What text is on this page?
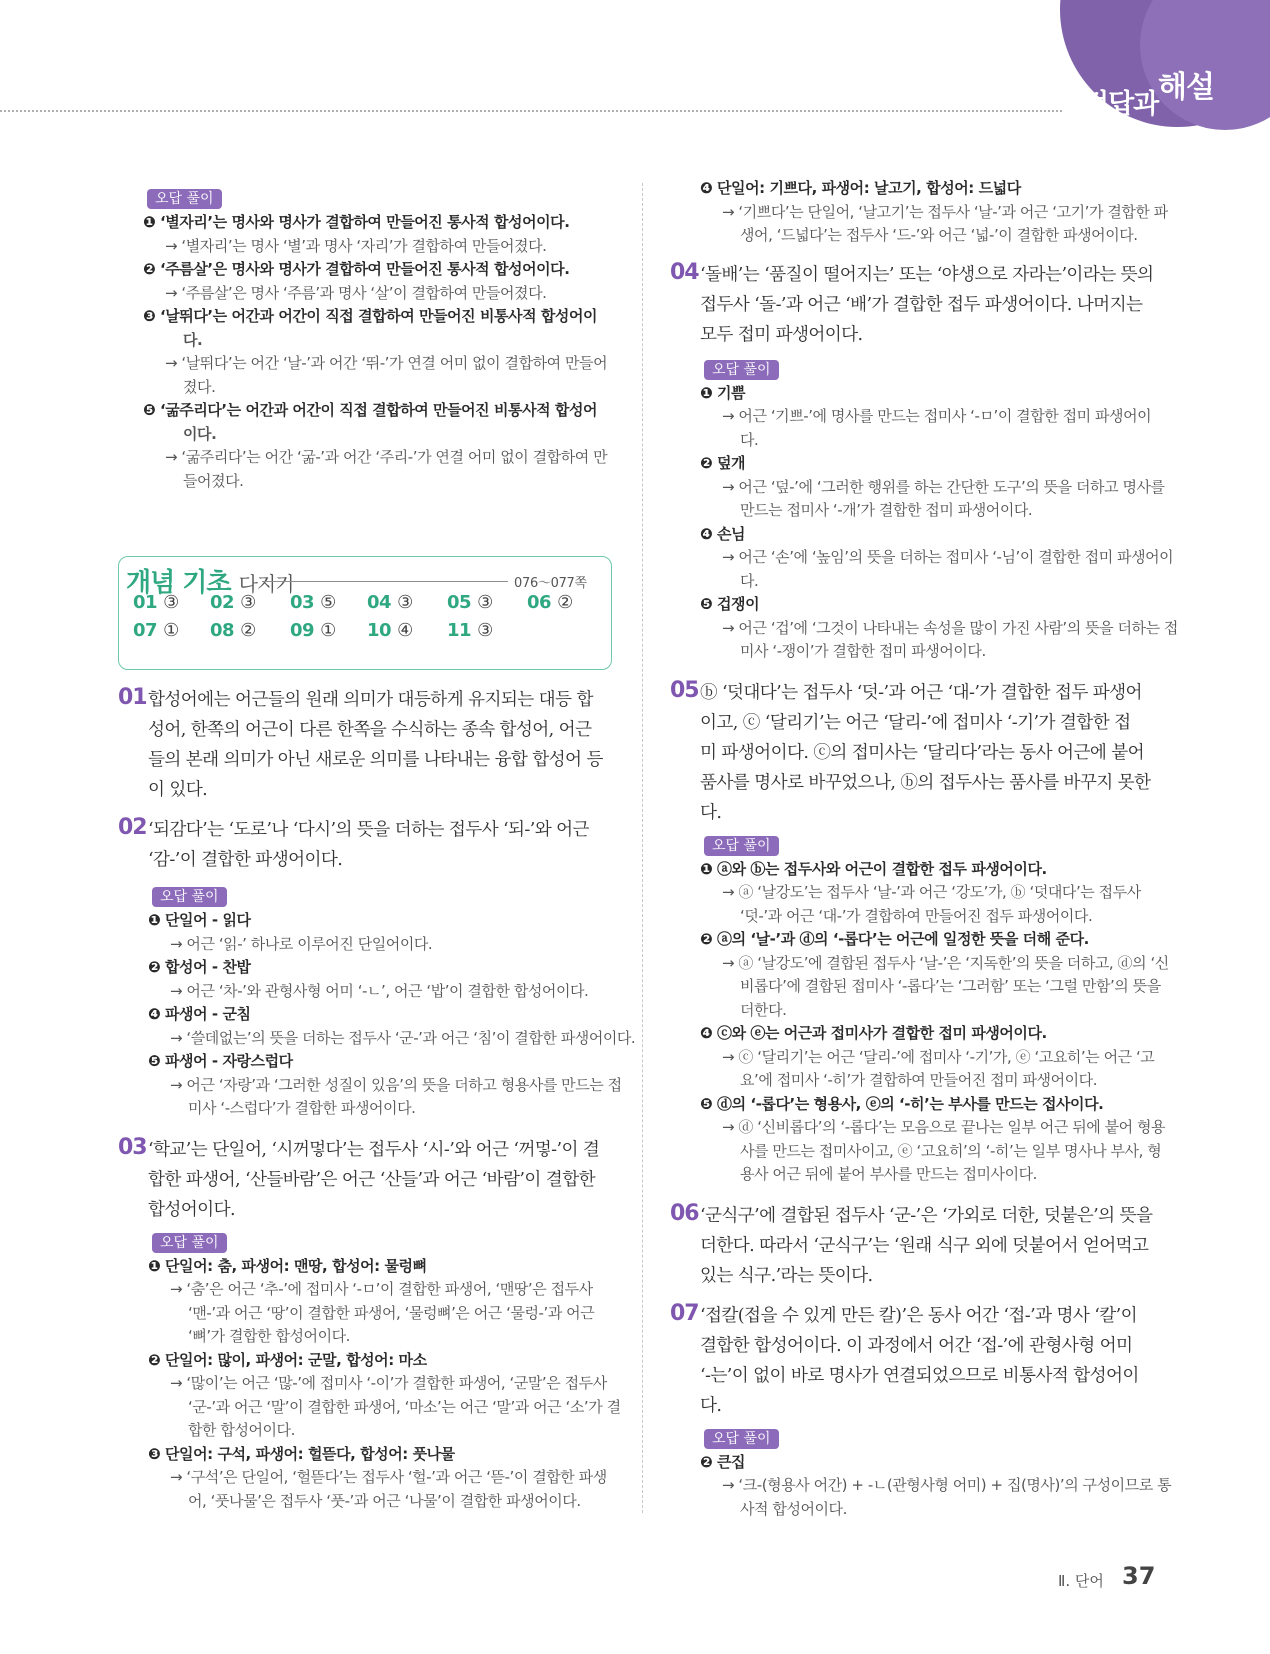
정답과 해설
오답 풀이
❶ ‘별자리’는 명사와 명사가 결합하여 만들어진 통사적 합성어이다.
→ ‘별자리’는 명사 ‘별’과 명사 ‘자리’가 결합하여 만들어졌다.
❷ ‘주름살’은 명사와 명사가 결합하여 만들어진 통사적 합성어이다.
→ ‘주름살’은 명사 ‘주름’과 명사 ‘살’이 결합하여 만들어졌다.
❸ ‘날뛰다’는 어간과 어간이 직접 결합하여 만들어진 비통사적 합성어이
다.
→ ‘날뛰다’는 어간 ‘날-’과 어간 ‘뛰-’가 연결 어미 없이 결합하여 만들어
졌다.
❺ ‘굶주리다’는 어간과 어간이 직접 결합하여 만들어진 비통사적 합성어
이다.
→ ‘굶주리다’는 어간 ‘굶-’과 어간 ‘주리-’가 연결 어미 없이 결합하여 만
들어졌다.
개념 기초 다지기	076～077쪽
01 ③ 02 ③ 03 ⑤ 04 ③ 05 ③ 06 ②
07 ① 08 ② 09 ① 10 ④ 11 ③
01 합성어에는 어근들의 원래 의미가 대등하게 유지되는 대등 합
성어, 한쪽의 어근이 다른 한쪽을 수식하는 종속 합성어, 어근
들의 본래 의미가 아닌 새로운 의미를 나타내는 융합 합성어 등
이 있다.
02 ‘되감다’는 ‘도로’나 ‘다시’의 뜻을 더하는 접두사 ‘되-’와 어근
‘감-’이 결합한 파생어이다.
오답 풀이
❶ 단일어 - 읽다
→ 어근 ‘읽-’ 하나로 이루어진 단일어이다.
❷ 합성어 - 찬밥
→ 어근 ‘차-’와 관형사형 어미 ‘-ㄴ’, 어근 ‘밥’이 결합한 합성어이다.
❹ 파생어 - 군침
→ ‘쓸데없는’의 뜻을 더하는 접두사 ‘군-’과 어근 ‘침’이 결합한 파생어이다.
❺ 파생어 - 자랑스럽다
→ 어근 ‘자랑’과 ‘그러한 성질이 있음’의 뜻을 더하고 형용사를 만드는 접
미사 ‘-스럽다’가 결합한 파생어이다.
03 ‘학교’는 단일어, ‘시꺼멓다’는 접두사 ‘시-’와 어근 ‘꺼멓-’이 결
합한 파생어, ‘산들바람’은 어근 ‘산들’과 어근 ‘바람’이 결합한
합성어이다.
오답 풀이
❶ 단일어: 춤, 파생어: 맨땅, 합성어: 물렁뼈
→ ‘춤’은 어근 ‘추-’에 접미사 ‘-ㅁ’이 결합한 파생어, ‘맨땅’은 접두사
‘맨-’과 어근 ‘땅’이 결합한 파생어, ‘물렁뼈’은 어근 ‘물렁-’과 어근
‘뼈’가 결합한 합성어이다.
❷ 단일어: 많이, 파생어: 군말, 합성어: 마소
→ ‘많이’는 어근 ‘많-’에 접미사 ‘-이’가 결합한 파생어, ‘군말’은 접두사
‘군-’과 어근 ‘말’이 결합한 파생어, ‘마소’는 어근 ‘말’과 어근 ‘소’가 결
합한 합성어이다.
❸ 단일어: 구석, 파생어: 헐뜯다, 합성어: 풋나물
→ ‘구석’은 단일어, ‘헐뜯다’는 접두사 ‘헐-’과 어근 ‘뜯-’이 결합한 파생
어, ‘풋나물’은 접두사 ‘풋-’과 어근 ‘나물’이 결합한 파생어이다.
❹ 단일어: 기쁘다, 파생어: 날고기, 합성어: 드넓다
→ ‘기쁘다’는 단일어, ‘날고기’는 접두사 ‘날-’과 어근 ‘고기’가 결합한 파
생어, ‘드넓다’는 접두사 ‘드-’와 어근 ‘넓-’이 결합한 파생어이다.
04 ‘돌배’는 ‘품질이 떨어지는’ 또는 ‘야생으로 자라는’이라는 뜻의
접두사 ‘돌-’과 어근 ‘배’가 결합한 접두 파생어이다. 나머지는
모두 접미 파생어이다.
오답 풀이
❶ 기쁨
→ 어근 ‘기쁘-’에 명사를 만드는 접미사 ‘-ㅁ’이 결합한 접미 파생어이
다.
❷ 덮개
→ 어근 ‘덮-’에 ‘그러한 행위를 하는 간단한 도구’의 뜻을 더하고 명사를
만드는 접미사 ‘-개’가 결합한 접미 파생어이다.
❹ 손님
→ 어근 ‘손’에 ‘높임’의 뜻을 더하는 접미사 ‘-님’이 결합한 접미 파생어이
다.
❺ 겁쟁이
→ 어근 ‘겁’에 ‘그것이 나타내는 속성을 많이 가진 사람’의 뜻을 더하는 접
미사 ‘-쟁이’가 결합한 접미 파생어이다.
05 ⓑ ‘덧대다’는 접두사 ‘덧-’과 어근 ‘대-’가 결합한 접두 파생어
이고, ⓒ ‘달리기’는 어근 ‘달리-’에 접미사 ‘-기’가 결합한 접
미 파생어이다. ⓒ의 접미사는 ‘달리다’라는 동사 어근에 붙어
품사를 명사로 바꾸었으나, ⓑ의 접두사는 품사를 바꾸지 못한
다.
오답 풀이
❶ ⓐ와 ⓑ는 접두사와 어근이 결합한 접두 파생어이다.
→ ⓐ ‘날강도’는 접두사 ‘날-’과 어근 ‘강도’가, ⓑ ‘덧대다’는 접두사
‘덧-’과 어근 ‘대-’가 결합하여 만들어진 접두 파생어이다.
❷ ⓐ의 ‘날-’과 ⓓ의 ‘-롭다’는 어근에 일정한 뜻을 더해 준다.
→ ⓐ ‘날강도’에 결합된 접두사 ‘날-’은 ‘지독한’의 뜻을 더하고, ⓓ의 ‘신
비롭다’에 결합된 접미사 ‘-롭다’는 ‘그러함’ 또는 ‘그럴 만함’의 뜻을
더한다.
❹ ⓒ와 ⓔ는 어근과 접미사가 결합한 접미 파생어이다.
→ ⓒ ‘달리기’는 어근 ‘달리-’에 접미사 ‘-기’가, ⓔ ‘고요히’는 어근 ‘고
요’에 접미사 ‘-히’가 결합하여 만들어진 접미 파생어이다.
❺ ⓓ의 ‘-롭다’는 형용사, ⓔ의 ‘-히’는 부사를 만드는 접사이다.
→ ⓓ ‘신비롭다’의 ‘-롭다’는 모음으로 끝나는 일부 어근 뒤에 붙어 형용
사를 만드는 접미사이고, ⓔ ‘고요히’의 ‘-히’는 일부 명사나 부사, 형
용사 어근 뒤에 붙어 부사를 만드는 접미사이다.
06 ‘군식구’에 결합된 접두사 ‘군-’은 ‘가외로 더한, 덧붙은’의 뜻을
더한다. 따라서 ‘군식구’는 ‘원래 식구 외에 덧붙어서 얻어먹고
있는 식구.’라는 뜻이다.
07 ‘접칼(접을 수 있게 만든 칼)’은 동사 어간 ‘접-’과 명사 ‘칼’이
결합한 합성어이다. 이 과정에서 어간 ‘접-’에 관형사형 어미
‘-는’이 없이 바로 명사가 연결되었으므로 비통사적 합성어이
다.
오답 풀이
❷ 큰집
→ ‘크-(형용사 어간) + -ㄴ(관형사형 어미) + 집(명사)’의 구성이므로 통
사적 합성어이다.
Ⅱ. 단어 37
